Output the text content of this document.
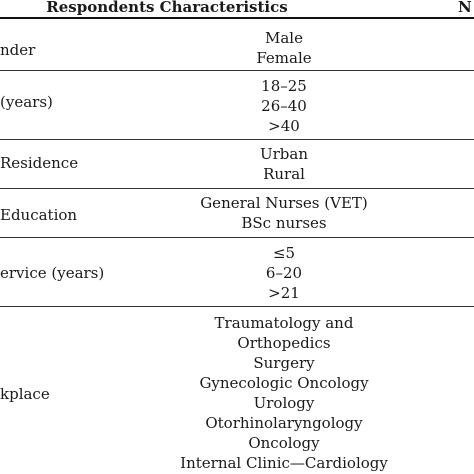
Respondents Characteristics	N
nder
Male
Female
(years)
18–25
26–40
>40
Residence	Urban
Rural
Education
General Nurses (VET)
BSc nurses
ervice (years)
≤5
6–20
>21
kplace
Traumatology and
Orthopedics
Surgery
Gynecologic Oncology
Urology
Otorhinolaryngology
Oncology
Internal Clinic—Cardiology
